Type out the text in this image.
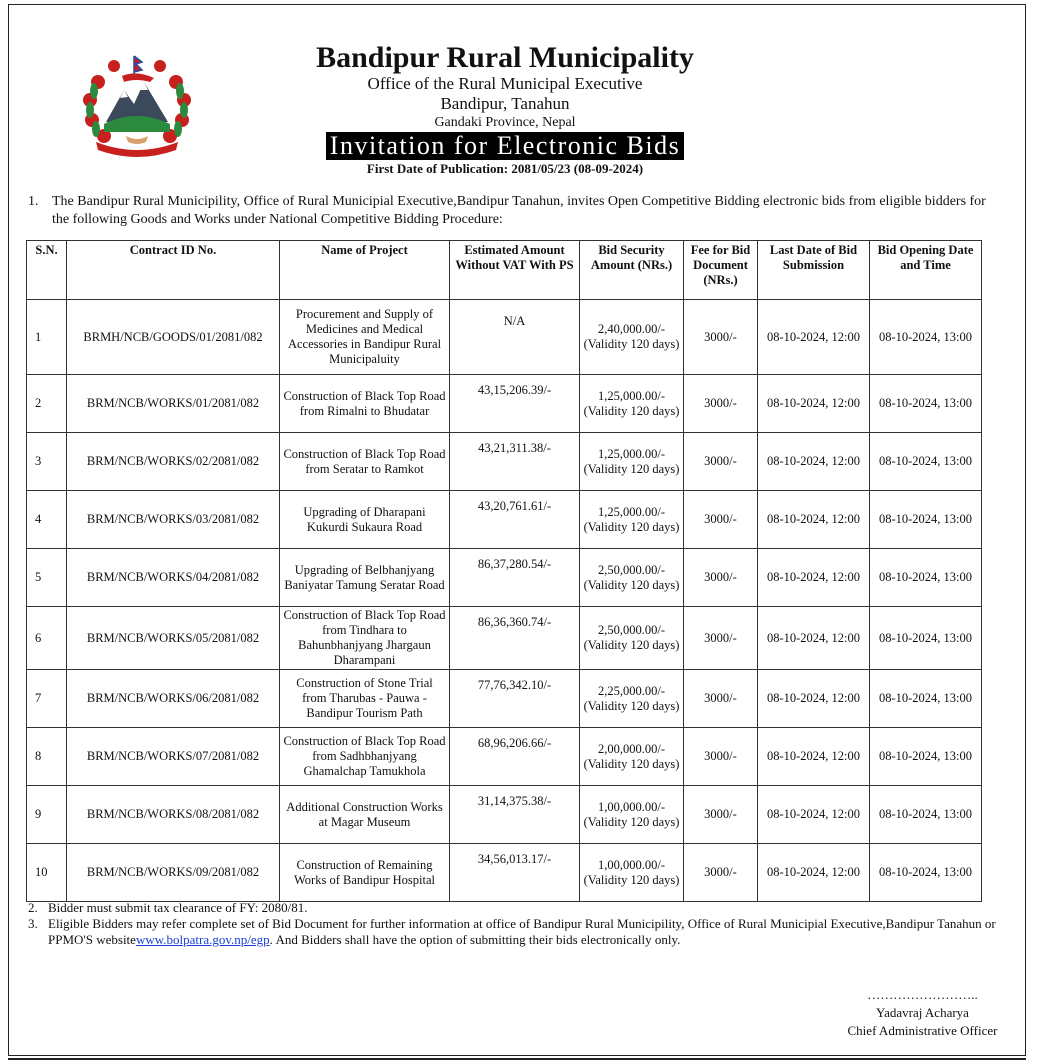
Bandipur Rural Municipality
Office of the Rural Municipal Executive
Bandipur, Tanahun
Gandaki Province, Nepal
Invitation for Electronic Bids
First Date of Publication: 2081/05/23 (08-09-2024)
1. The Bandipur Rural Municipility, Office of Rural Municipial Executive,Bandipur Tanahun, invites Open Competitive Bidding electronic bids from eligible bidders for the following Goods and Works under National Competitive Bidding Procedure:
S.N.	Contract ID No.	Name of Project	Estimated Amount Without VAT With PS	Bid Security Amount (NRs.)	Fee for Bid Document (NRs.)	Last Date of Bid Submission	Bid Opening Date and Time
1	BRMH/NCB/GOODS/01/2081/082	Procurement and Supply of Medicines and Medical Accessories in Bandipur Rural Municipaluity	N/A	2,40,000.00/- (Validity 120 days)	3000/-	08-10-2024, 12:00	08-10-2024, 13:00
2	BRM/NCB/WORKS/01/2081/082	Construction of Black Top Road from Rimalni to Bhudatar	43,15,206.39/-	1,25,000.00/- (Validity 120 days)	3000/-	08-10-2024, 12:00	08-10-2024, 13:00
3	BRM/NCB/WORKS/02/2081/082	Construction of Black Top Road from Seratar to Ramkot	43,21,311.38/-	1,25,000.00/- (Validity 120 days)	3000/-	08-10-2024, 12:00	08-10-2024, 13:00
4	BRM/NCB/WORKS/03/2081/082	Upgrading of Dharapani Kukurdi Sukaura Road	43,20,761.61/-	1,25,000.00/- (Validity 120 days)	3000/-	08-10-2024, 12:00	08-10-2024, 13:00
5	BRM/NCB/WORKS/04/2081/082	Upgrading of Belbhanjyang Baniyatar Tamung Seratar Road	86,37,280.54/-	2,50,000.00/- (Validity 120 days)	3000/-	08-10-2024, 12:00	08-10-2024, 13:00
6	BRM/NCB/WORKS/05/2081/082	Construction of Black Top Road from Tindhara to Bahunbhanjyang Jhargaun Dharampani	86,36,360.74/-	2,50,000.00/- (Validity 120 days)	3000/-	08-10-2024, 12:00	08-10-2024, 13:00
7	BRM/NCB/WORKS/06/2081/082	Construction of Stone Trial from Tharubas - Pauwa - Bandipur Tourism Path	77,76,342.10/-	2,25,000.00/- (Validity 120 days)	3000/-	08-10-2024, 12:00	08-10-2024, 13:00
8	BRM/NCB/WORKS/07/2081/082	Construction of Black Top Road from Sadhbhanjyang Ghamalchap Tamukhola	68,96,206.66/-	2,00,000.00/- (Validity 120 days)	3000/-	08-10-2024, 12:00	08-10-2024, 13:00
9	BRM/NCB/WORKS/08/2081/082	Additional Construction Works at Magar Museum	31,14,375.38/-	1,00,000.00/- (Validity 120 days)	3000/-	08-10-2024, 12:00	08-10-2024, 13:00
10	BRM/NCB/WORKS/09/2081/082	Construction of Remaining Works of Bandipur Hospital	34,56,013.17/-	1,00,000.00/- (Validity 120 days)	3000/-	08-10-2024, 12:00	08-10-2024, 13:00
2. Bidder must submit tax clearance of FY: 2080/81.
3. Eligible Bidders may refer complete set of Bid Document for further information at office of Bandipur Rural Municipility, Office of Rural Municipial Executive,Bandipur Tanahun or PPMO'S websitewww.bolpatra.gov.np/egp. And Bidders shall have the option of submitting their bids electronically only.
……………………..
Yadavraj Acharya
Chief Administrative Officer
